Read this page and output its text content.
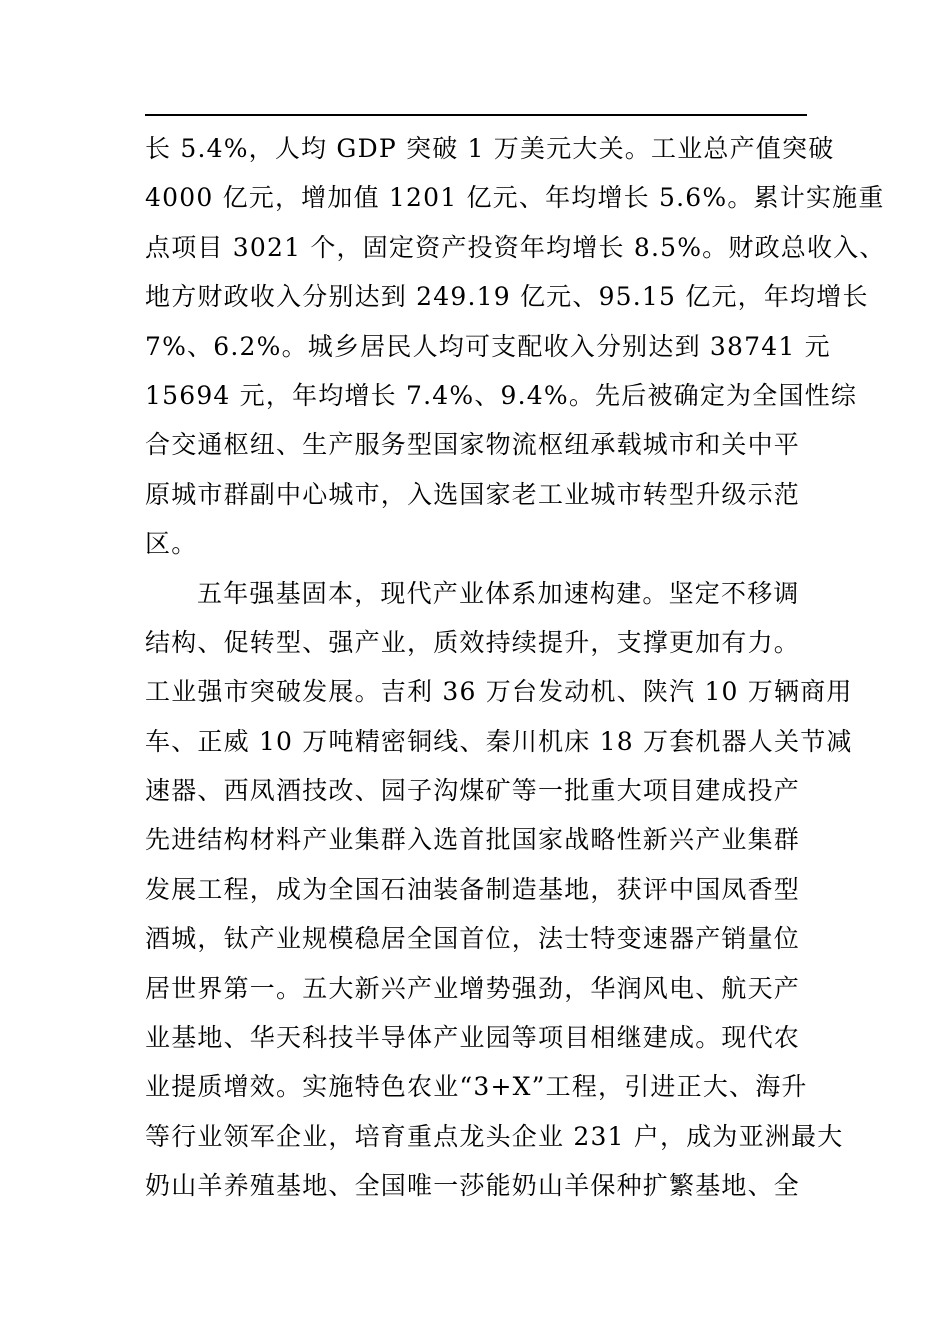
长 5.4%，人均 GDP 突破 1 万美元大关。工业总产值突破
4000 亿元，增加值 1201 亿元、年均增长 5.6%。累计实施重
点项目 3021 个，固定资产投资年均增长 8.5%。财政总收入、
地方财政收入分别达到 249.19 亿元、95.15 亿元，年均增长
7%、6.2%。城乡居民人均可支配收入分别达到 38741 元
15694 元，年均增长 7.4%、9.4%。先后被确定为全国性综
合交通枢纽、生产服务型国家物流枢纽承载城市和关中平
原城市群副中心城市，入选国家老工业城市转型升级示范
区。
五年强基固本，现代产业体系加速构建。坚定不移调
结构、促转型、强产业，质效持续提升，支撑更加有力。
工业强市突破发展。吉利 36 万台发动机、陕汽 10 万辆商用
车、正威 10 万吨精密铜线、秦川机床 18 万套机器人关节减
速器、西凤酒技改、园子沟煤矿等一批重大项目建成投产
先进结构材料产业集群入选首批国家战略性新兴产业集群
发展工程，成为全国石油装备制造基地，获评中国凤香型
酒城，钛产业规模稳居全国首位，法士特变速器产销量位
居世界第一。五大新兴产业增势强劲，华润风电、航天产
业基地、华天科技半导体产业园等项目相继建成。现代农
业提质增效。实施特色农业“3+X”工程，引进正大、海升
等行业领军企业，培育重点龙头企业 231 户，成为亚洲最大
奶山羊养殖基地、全国唯一莎能奶山羊保种扩繁基地、全
